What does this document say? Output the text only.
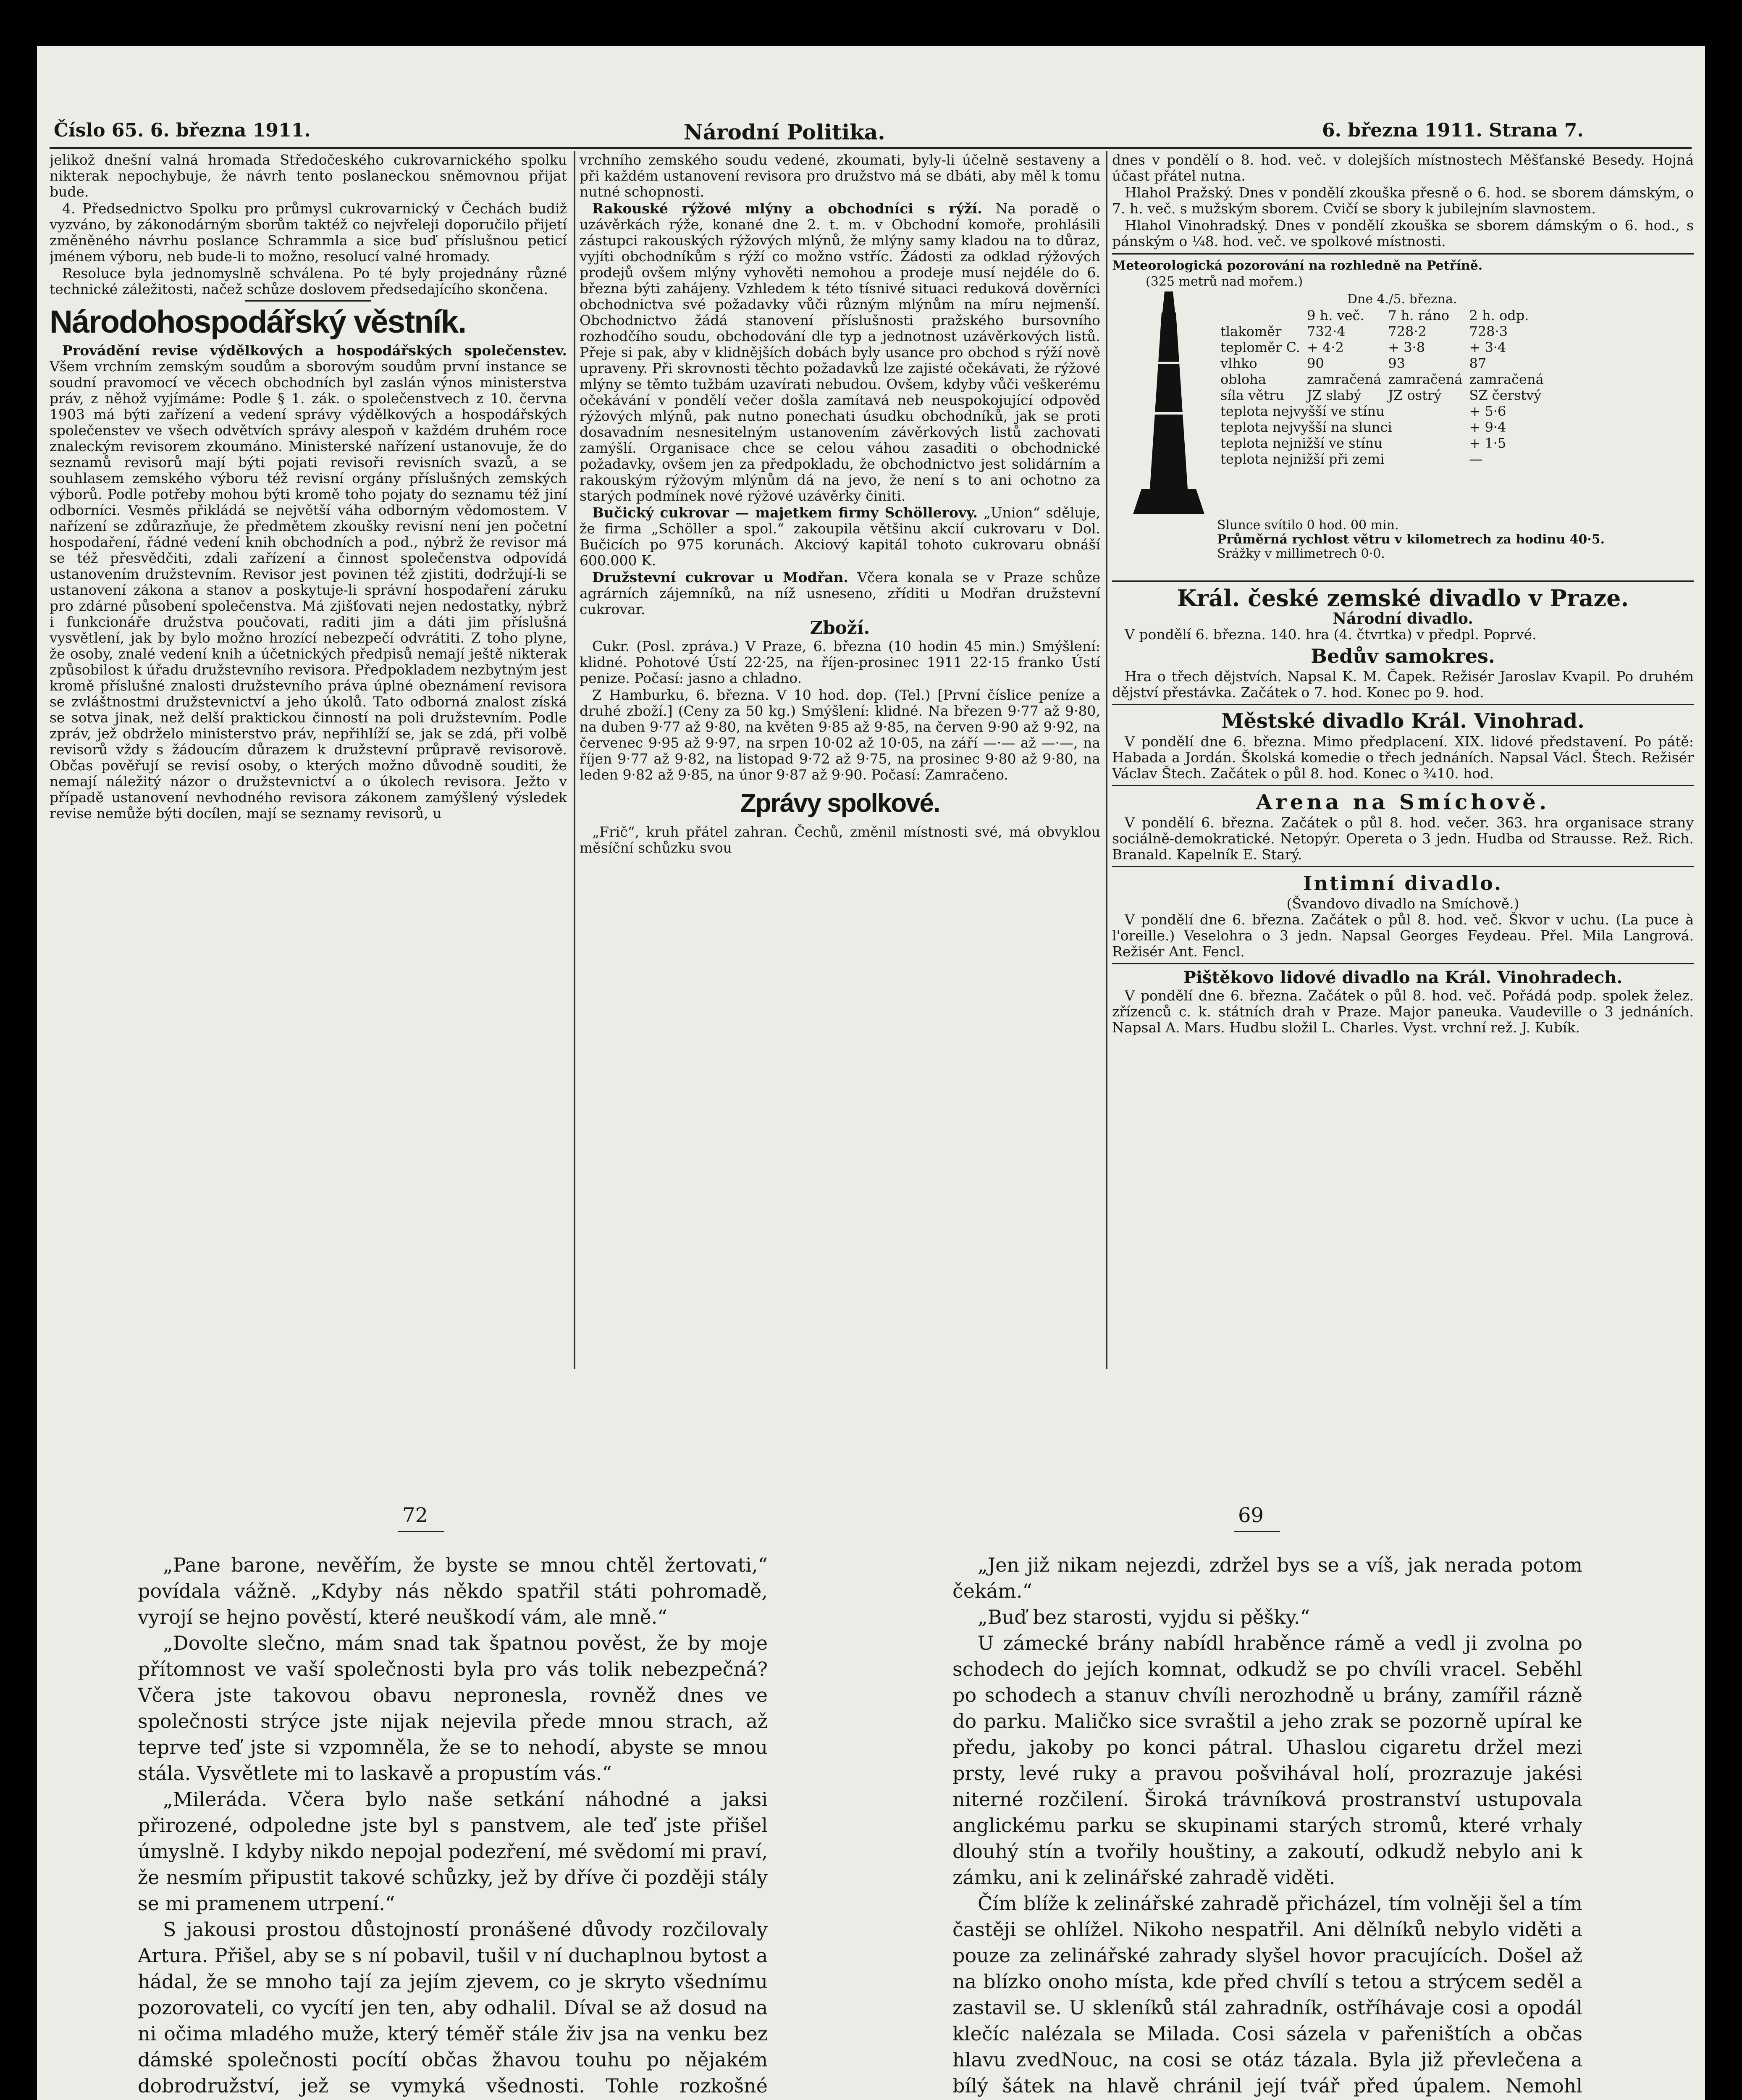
Číslo 65. 6. března 1911.	Národní Politika.	6. března 1911. Strana 7.

jelikož dnešní valná hromada Středočeského cukrovarnického spolku nikterak nepochybuje, že návrh tento poslaneckou sněmovnou přijat bude.

4. Předsednictvo Spolku pro průmysl cukrovarnický v Čechách budiž vyzváno, by zákonodárným sborům taktéž co nejvřeleji doporučilo přijetí změněného návrhu poslance Schrammla a sice buď příslušnou peticí jménem výboru, neb bude-li to možno, resolucí valné hromady.

Resoluce byla jednomyslně schválena. Po té byly projednány různé technické záležitosti, načež schůze doslovem předsedajícího skončena.

Národohospodářský věstník.

Provádění revise výdělkových a hospodářských společenstev. Všem vrchním zemským soudům a sborovým soudům první instance se soudní pravomocí ve věcech obchodních byl zaslán výnos ministerstva práv, z něhož vyjímáme: Podle § 1. zák. o společenstvech z 10. června 1903 má býti zařízení a vedení správy výdělkových a hospodářských společenstev ve všech odvětvích správy alespoň v každém druhém roce znaleckým revisorem zkoumáno. Ministerské nařízení ustanovuje, že do seznamů revisorů mají býti pojati revisoři revisních svazů, a se souhlasem zemského výboru též revisní orgány příslušných zemských výborů. Podle potřeby mohou býti kromě toho pojaty do seznamu též jiní odborníci. Vesměs přikládá se největší váha odborným vědomostem. V nařízení se zdůrazňuje, že předmětem zkoušky revisní není jen početní hospodaření, řádné vedení knih obchodních a pod., nýbrž že revisor má se též přesvědčiti, zdali zařízení a činnost společenstva odpovídá ustanovením družstevním. Revisor jest povinen též zjistiti, dodržují-li se ustanovení zákona a stanov a poskytuje-li správní hospodaření záruku pro zdárné působení společenstva. Má zjišťovati nejen nedostatky, nýbrž i funkcionáře družstva poučovati, raditi jim a dáti jim příslušná vysvětlení, jak by bylo možno hrozící nebezpečí odvrátiti. Z toho plyne, že osoby, znalé vedení knih a účetnických předpisů nemají ještě nikterak způsobilost k úřadu družstevního revisora. Předpokladem nezbytným jest kromě příslušné znalosti družstevního práva úplné obeznámení revisora se zvláštnostmi družstevnictví a jeho úkolů. Tato odborná znalost získá se sotva jinak, než delší praktickou činností na poli družstevním. Podle zpráv, jež obdrželo ministerstvo práv, nepřihlíží se, jak se zdá, při volbě revisorů vždy s žádoucím důrazem k družstevní průpravě revisorově. Občas pověřují se revisí osoby, o kterých možno důvodně souditi, že nemají náležitý názor o družstevnictví a o úkolech revisora. Ježto v případě ustanovení nevhodného revisora zákonem zamýšlený výsledek revise nemůže býti docílen, mají se seznamy revisorů, u

vrchního zemského soudu vedené, zkoumati, byly-li účelně sestaveny a při každém ustanovení revisora pro družstvo má se dbáti, aby měl k tomu nutné schopnosti.

Rakouské rýžové mlýny a obchodníci s rýží. Na poradě o uzávěrkách rýže, konané dne 2. t. m. v Obchodní komoře, prohlásili zástupci rakouských rýžových mlýnů, že mlýny samy kladou na to důraz, vyjíti obchodníkům s rýží co možno vstříc. Žádosti za odklad rýžových prodejů ovšem mlýny vyhověti nemohou a prodeje musí nejdéle do 6. března býti zahájeny. Vzhledem k této tísnivé situaci reduková dověrníci obchodnictva své požadavky vůči různým mlýnům na míru nejmenší. Obchodnictvo žádá stanovení příslušnosti pražského bursovního rozhodčího soudu, obchodování dle typ a jednotnost uzávěrkových listů. Přeje si pak, aby v klidnějších dobách byly usance pro obchod s rýží nově upraveny. Při skrovnosti těchto požadavků lze zajisté očekávati, že rýžové mlýny se těmto tužbám uzavírati nebudou. Ovšem, kdyby vůči veškerému očekávání v pondělí večer došla zamítavá neb neuspokojující odpověď rýžových mlýnů, pak nutno ponechati úsudku obchodníků, jak se proti dosavadním nesnesitelným ustanovením závěrkových listů zachovati zamýšlí. Organisace chce se celou váhou zasaditi o obchodnické požadavky, ovšem jen za předpokladu, že obchodnictvo jest solidárním a rakouským rýžovým mlýnům dá na jevo, že není s to ani ochotno za starých podmínek nové rýžové uzávěrky činiti.

Bučický cukrovar — majetkem firmy Schöllerovy. „Union“ sděluje, že firma „Schöller a spol.“ zakoupila většinu akcií cukrovaru v Dol. Bučicích po 975 korunách. Akciový kapitál tohoto cukrovaru obnáší 600.000 K.

Družstevní cukrovar u Modřan. Včera konala se v Praze schůze agrárních zájemníků, na níž usneseno, zříditi u Modřan družstevní cukrovar.

Zboží.

Cukr. (Posl. zpráva.) V Praze, 6. března (10 hodin 45 min.) Smýšlení: klidné. Pohotové Ústí 22·25, na říjen-prosinec 1911 22·15 franko Ústí penize. Počasí: jasno a chladno.

Z Hamburku, 6. března. V 10 hod. dop. (Tel.) [První číslice peníze a druhé zboží.] (Ceny za 50 kg.) Smýšlení: klidné. Na březen 9·77 až 9·80, na duben 9·77 až 9·80, na květen 9·85 až 9·85, na červen 9·90 až 9·92, na červenec 9·95 až 9·97, na srpen 10·02 až 10·05, na září —·— až —·—, na říjen 9·77 až 9·82, na listopad 9·72 až 9·75, na prosinec 9·80 až 9·80, na leden 9·82 až 9·85, na únor 9·87 až 9·90. Počasí: Zamračeno.

Zprávy spolkové.

„Frič“, kruh přátel zahran. Čechů, změnil místnosti své, má obvyklou měsíční schůzku svou

dnes v pondělí o 8. hod. več. v dolejších místnostech Měšťanské Besedy. Hojná účast přátel nutna.

Hlahol Pražský. Dnes v pondělí zkouška přesně o 6. hod. se sborem dámským, o 7. h. več. s mužským sborem. Cvičí se sbory k jubilejním slavnostem.

Hlahol Vinohradský. Dnes v pondělí zkouška se sborem dámským o 6. hod., s pánským o ¼8. hod. več. ve spolkové místnosti.

Meteorologická pozorování na rozhledně na Petříně.
(325 metrů nad mořem.)
Dne 4./5. března.
	9 h. več.	7 h. ráno	2 h. odp.
tlakoměr	732·4	728·2	728·3
teploměr C.	+ 4·2	+ 3·8	+ 3·4
vlhko	90	93	87
obloha	zamračená	zamračená	zamračená
síla větru	JZ slabý	JZ ostrý	SZ čerstvý
teplota nejvyšší ve stínu			+ 5·6
teplota nejvyšší na slunci			+ 9·4
teplota nejnižší ve stínu			+ 1·5
teplota nejnižší při zemi			—
Slunce svítilo 0 hod. 00 min.
Průměrná rychlost větru v kilometrech za hodinu 40·5.
Srážky v millimetrech 0·0.
Král. české zemské divadlo v Praze.
Národní divadlo.

V pondělí 6. března. 140. hra (4. čtvrtka) v předpl. Poprvé.

Bedův samokres.

Hra o třech dějstvích. Napsal K. M. Čapek. Režisér Jaroslav Kvapil. Po druhém dějství přestávka. Začátek o 7. hod. Konec po 9. hod.

Městské divadlo Král. Vinohrad.

V pondělí dne 6. března. Mimo předplacení. XIX. lidové představení. Po pátě: Habada a Jordán. Školská komedie o třech jednáních. Napsal Václ. Štech. Režisér Václav Štech. Začátek o půl 8. hod. Konec o ¾10. hod.

Arena na Smíchově.

V pondělí 6. března. Začátek o půl 8. hod. večer. 363. hra organisace strany sociálně-demokratické. Netopýr. Opereta o 3 jedn. Hudba od Strausse. Rež. Rich. Branald. Kapelník E. Starý.

Intimní divadlo.
(Švandovo divadlo na Smíchově.)

V pondělí dne 6. března. Začátek o půl 8. hod. več. Škvor v uchu. (La puce à l'oreille.) Veselohra o 3 jedn. Napsal Georges Feydeau. Přel. Mila Langrová. Režisér Ant. Fencl.

Pištěkovo lidové divadlo na Král. Vinohradech.

V pondělí dne 6. března. Začátek o půl 8. hod. več. Pořádá podp. spolek želez. zřízenců c. k. státních drah v Praze. Major paneuka. Vaudeville o 3 jednáních. Napsal A. Mars. Hudbu složil L. Charles. Vyst. vrchní rež. J. Kubík.

72	69

„Pane barone, nevěřím, že byste se mnou chtěl žertovati,“ povídala vážně. „Kdyby nás někdo spatřil státi pohromadě, vyrojí se hejno pověstí, které neuškodí vám, ale mně.“

„Dovolte slečno, mám snad tak špatnou pověst, že by moje přítomnost ve vaší společnosti byla pro vás tolik nebezpečná? Včera jste takovou obavu nepronesla, rovněž dnes ve společnosti strýce jste nijak nejevila přede mnou strach, až teprve teď jste si vzpomněla, že se to nehodí, abyste se mnou stála. Vysvětlete mi to laskavě a propustím vás.“

„Milerádа. Včera bylo naše setkání náhodné a jaksi přirozené, odpoledne jste byl s panstvem, ale teď jste přišel úmyslně. I kdyby nikdo nepojal podezření, mé svědomí mi praví, že nesmím připustit takové schůzky, jež by dříve či později stály se mi pramenem utrpení.“

S jakousi prostou důstojností pronášené důvody rozčilovaly Artura. Přišel, aby se s ní pobavil, tušil v ní duchaplnou bytost a hádal, že se mnoho tají za jejím zjevem, co je skryto všednímu pozorovateli, co vycítí jen ten, aby odhalil. Díval se až dosud na ni očima mladého muže, který téměř stále živ jsa na venku bez dámské společnosti pocítí občas žhavou touhu po nějakém dobrodružství, jež se vymyká všednosti. Tohle rozkošné

„Jen již nikam nejezdi, zdržel bys se a víš, jak nerada potom čekám.“

„Buď bez starosti, vyjdu si pěšky.“

U zámecké brány nabídl hraběnce rámě a vedl ji zvolna po schodech do jejích komnat, odkudž se po chvíli vracel. Seběhl po schodech a stanuv chvíli nerozhodně u brány, zamířil rázně do parku. Maličko sice svraštil a jeho zrak se pozorně upíral ke předu, jakoby po konci pátral. Uhaslou cigaretu držel mezi prsty, levé ruky a pravou pošvihával holí, prozrazuje jakési niterné rozčilení. Široká trávníková prostranství ustupovala anglickému parku se skupinami starých stromů, které vrhaly dlouhý stín a tvořily houštiny, a zakoutí, odkudž nebylo ani k zámku, ani k zelinářské zahradě viděti.

Čím blíže k zelinářské zahradě přicházel, tím volněji šel a tím častěji se ohlížel. Nikoho nespatřil. Ani dělníků nebylo viděti a pouze za zelinářské zahrady slyšel hovor pracujících. Došel až na blízko onoho místa, kde před chvílí s tetou a strýcem seděl a zastavil se. U skleníků stál zahradník, ostříhávaje cosi a opodál klečíc nalézala se Milada. Cosi sázela v pařeništích a občas hlavu zvedNouc, na cosi se otáz tázala. Byla již převlečena a bílý šátek na hlavě chránil její tvář před úpalem. Nemohl
